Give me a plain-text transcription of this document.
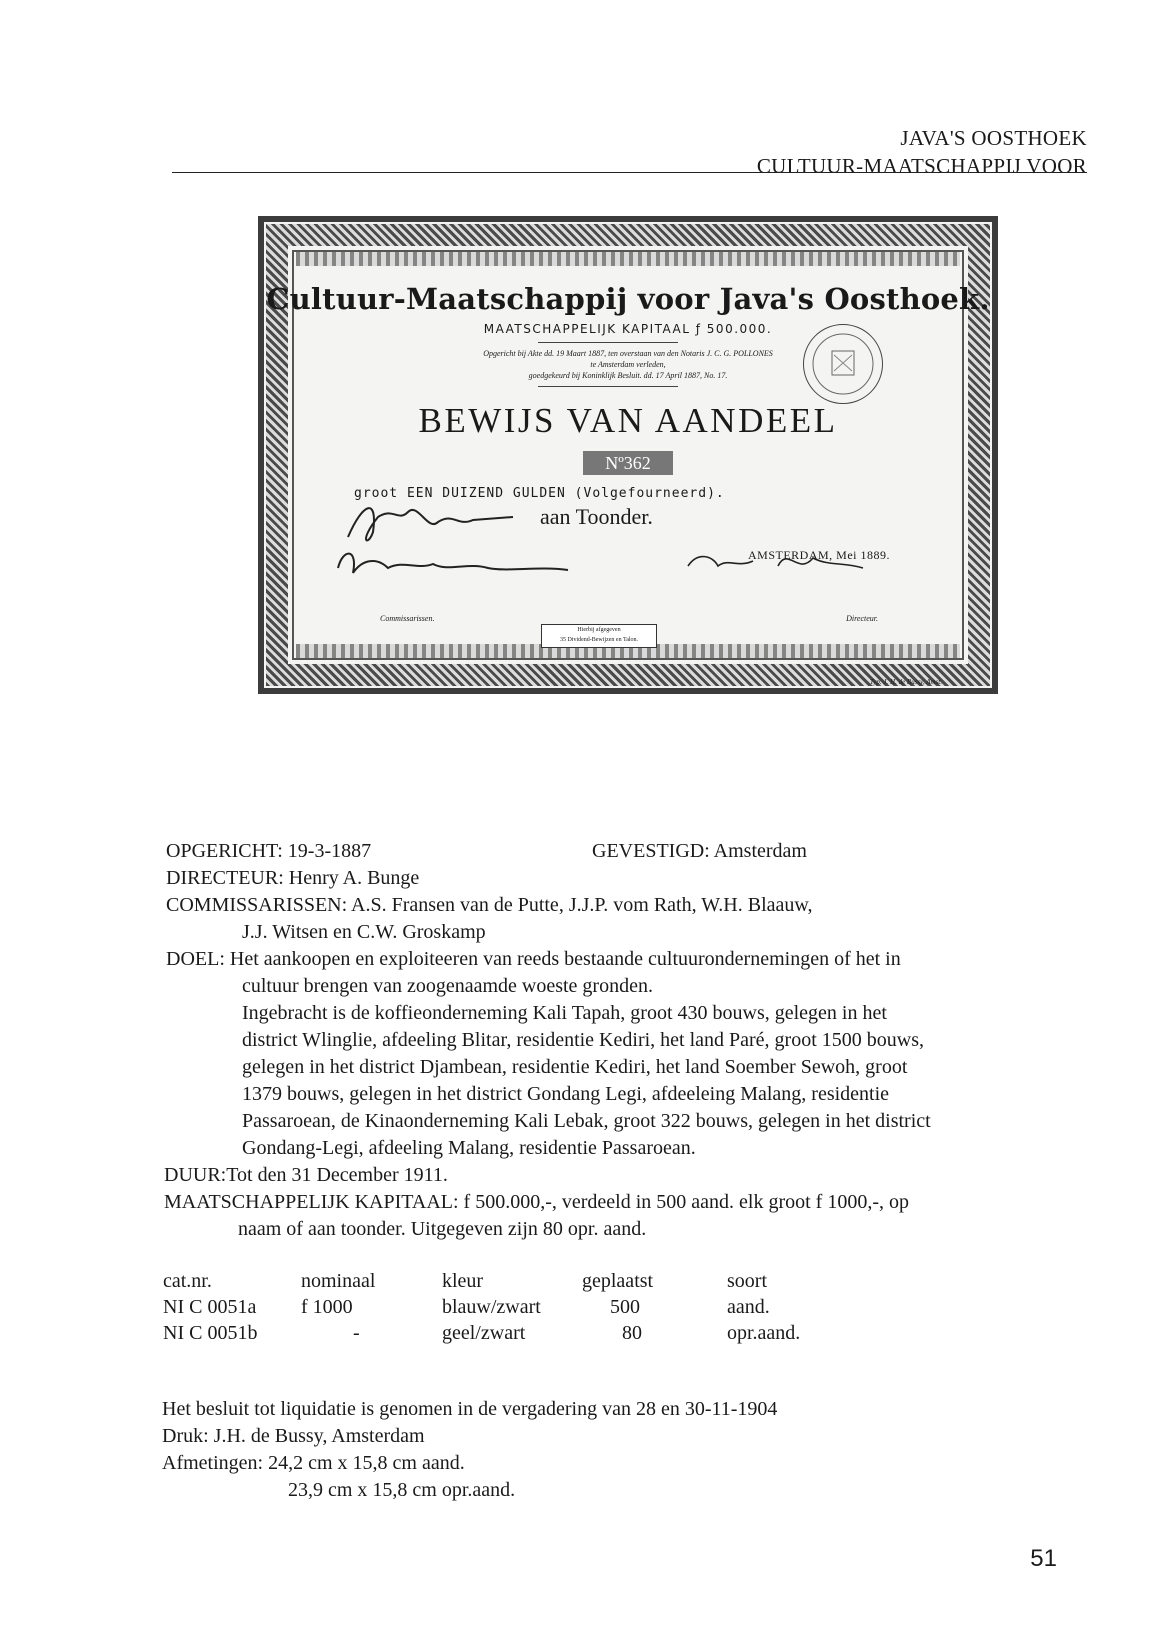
JAVA'S OOSTHOEK
CULTUUR-MAATSCHAPPIJ VOOR
Cultuur-Maatschappij voor Java's Oosthoek.
MAATSCHAPPELIJK KAPITAAL ƒ 500.000.
Opgericht bij Akte dd. 19 Maart 1887, ten overstaan van den Notaris J. C. G. POLLONES
te Amsterdam verleden,
goedgekeurd bij Koninklijk Besluit. dd. 17 April 1887, No. 17.
BEWIJS VAN AANDEEL
Nº362
groot EEN DUIZEND GULDEN (Volgefourneerd).
aan Toonder.
AMSTERDAM, Mei 1889.
Commissarissen.	Directeur.
Hierbij afgegeven
35 Dividend-Bewijzen en Talon.
Typ. J. H. de Bussy, Amst.
OPGERICHT: 19-3-1887	GEVESTIGD: Amsterdam
DIRECTEUR: Henry A. Bunge
COMMISSARISSEN: A.S. Fransen van de Putte, J.J.P. vom Rath, W.H. Blaauw,
J.J. Witsen en C.W. Groskamp
DOEL: Het aankoopen en exploiteeren van reeds bestaande cultuurondernemingen of het in
cultuur brengen van zoogenaamde woeste gronden.
Ingebracht is de koffieonderneming Kali Tapah, groot 430 bouws, gelegen in het
district Wlinglie, afdeeling Blitar, residentie Kediri, het land Paré, groot 1500 bouws,
gelegen in het district Djambean, residentie Kediri, het land Soember Sewoh, groot
1379 bouws, gelegen in het district Gondang Legi, afdeeleing Malang, residentie
Passaroean, de Kinaonderneming Kali Lebak, groot 322 bouws, gelegen in het district
Gondang-Legi, afdeeling Malang, residentie Passaroean.
DUUR:Tot den 31 December 1911.
MAATSCHAPPELIJK KAPITAAL: f 500.000,-, verdeeld in 500 aand. elk groot f 1000,-, op
naam of aan toonder. Uitgegeven zijn 80 opr. aand.
cat.nr.	nominaal	kleur	geplaatst	soort
NI C 0051a f 1000	blauw/zwart	500	aand.
NI C 0051b	-	geel/zwart	80	opr.aand.
Het besluit tot liquidatie is genomen in de vergadering van 28 en 30-11-1904
Druk: J.H. de Bussy, Amsterdam
Afmetingen: 24,2 cm x 15,8 cm aand.
23,9 cm x 15,8 cm opr.aand.
51
